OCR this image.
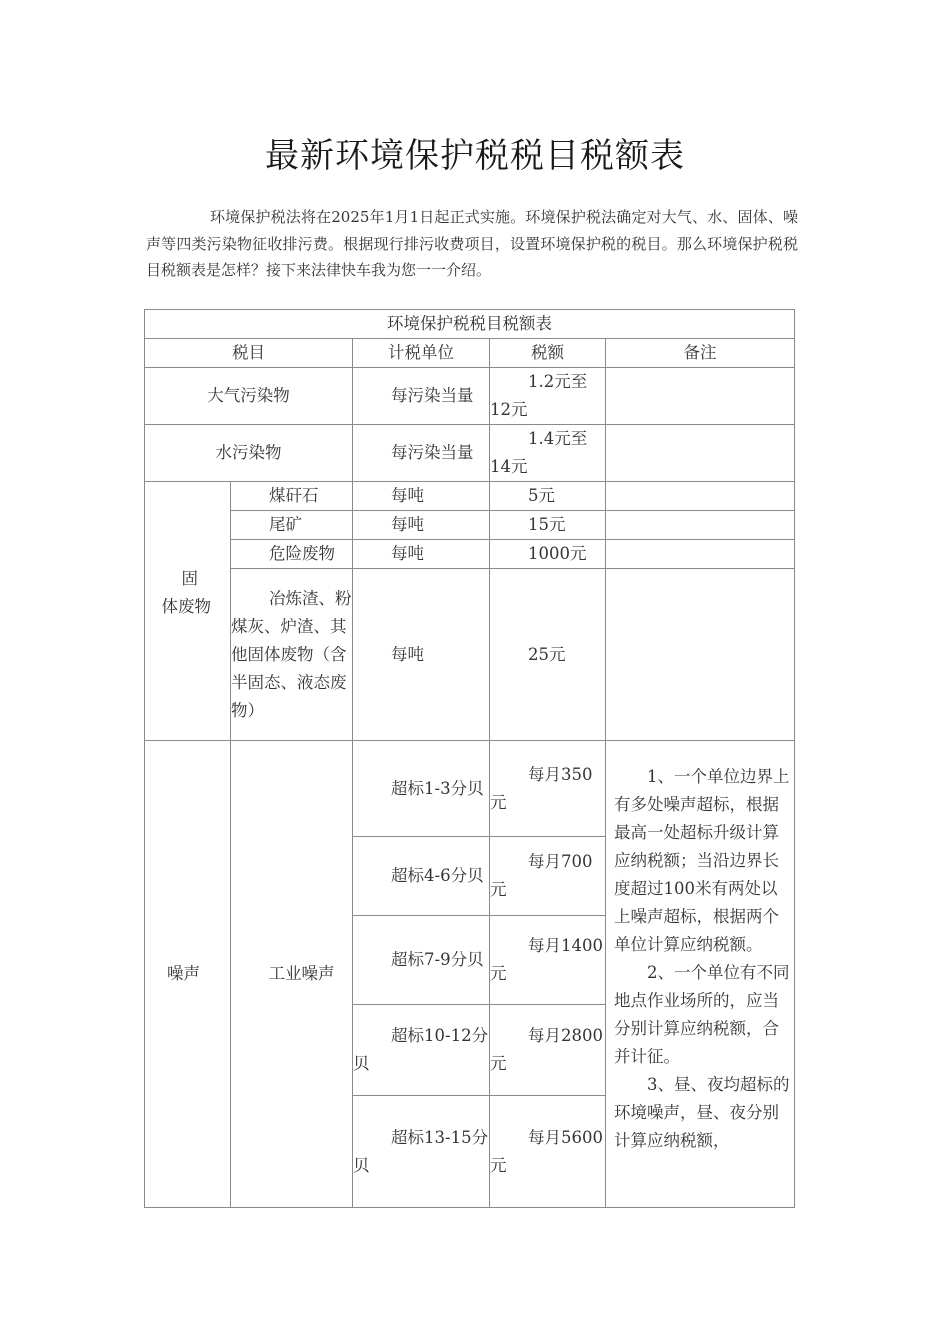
最新环境保护税税目税额表

环境保护税法将在2025年1月1日起正式实施。环境保护税法确定对大气、水、固体、噪声等四类污染物征收排污费。根据现行排污收费项目，设置环境保护税的税目。那么环境保护税税目税额表是怎样？接下来法律快车我为您一一介绍。

环境保护税税目税额表				
税目		计税单位	税额	备注
大气污染物		每污染当量	1.2元至12元	

水污染物		每污染当量	1.4元至14元	

固体废物	煤矸石	每吨	5元	
	尾矿	每吨	15元	
	危险废物	每吨	1000元	

	冶炼渣、粉煤灰、炉渣、其他固体废物（含半固态、液态废物）	每吨	25元	

噪声	工业噪声	超标1-3分贝	每月350元	1、一个单位边界上有多处噪声超标，根据最高一处超标升级计算应纳税额；当沿边界长度超过100米有两处以上噪声超标，根据两个单位计算应纳税额。

2、一个单位有不同地点作业场所的，应当分别计算应纳税额，合并计征。

3、昼、夜均超标的环境噪声，昼、夜分别计算应纳税额，

		超标4-6分贝	每月700元	

		超标7-9分贝	每月1400元	

		超标10-12分贝	每月2800元	

		超标13-15分贝	每月5600元	
